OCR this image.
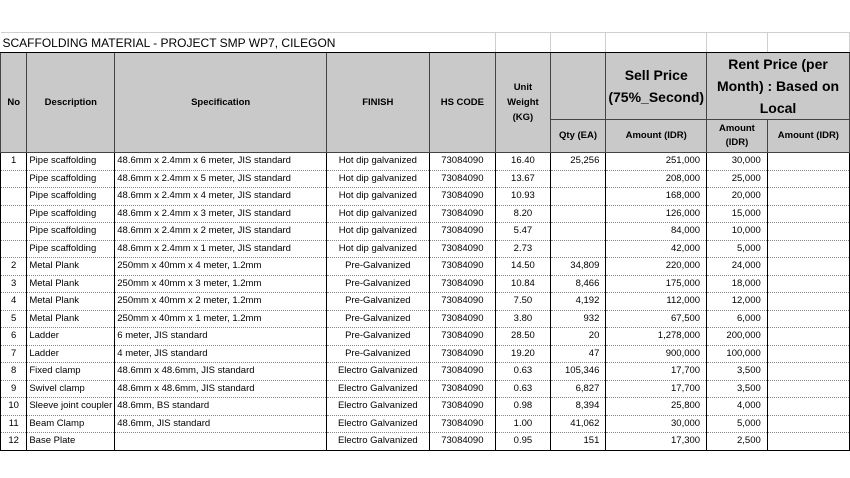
SCAFFOLDING MATERIAL - PROJECT SMP WP7, CILEGON									
No	Description	Specification	FINISH	HS CODE	Unit Weight (KG)		Sell Price (75%_Second)	Rent Price (per Month) : Based on Local	
						Qty (EA)	Amount (IDR)	Amount (IDR)	Amount (IDR)
1	Pipe scaffolding	48.6mm x 2.4mm x 6 meter, JIS standard	Hot dip galvanized	73084090	16.40	25,256	251,000	30,000	
	Pipe scaffolding	48.6mm x 2.4mm x 5 meter, JIS standard	Hot dip galvanized	73084090	13.67		208,000	25,000	
	Pipe scaffolding	48.6mm x 2.4mm x 4 meter, JIS standard	Hot dip galvanized	73084090	10.93		168,000	20,000	
	Pipe scaffolding	48.6mm x 2.4mm x 3 meter, JIS standard	Hot dip galvanized	73084090	8.20		126,000	15,000	
	Pipe scaffolding	48.6mm x 2.4mm x 2 meter, JIS standard	Hot dip galvanized	73084090	5.47		84,000	10,000	
	Pipe scaffolding	48.6mm x 2.4mm x 1 meter, JIS standard	Hot dip galvanized	73084090	2.73		42,000	5,000	
2	Metal Plank	250mm x 40mm x 4 meter, 1.2mm	Pre-Galvanized	73084090	14.50	34,809	220,000	24,000	
3	Metal Plank	250mm x 40mm x 3 meter, 1.2mm	Pre-Galvanized	73084090	10.84	8,466	175,000	18,000	
4	Metal Plank	250mm x 40mm x 2 meter, 1.2mm	Pre-Galvanized	73084090	7.50	4,192	112,000	12,000	
5	Metal Plank	250mm x 40mm x 1 meter, 1.2mm	Pre-Galvanized	73084090	3.80	932	67,500	6,000	
6	Ladder	6 meter, JIS standard	Pre-Galvanized	73084090	28.50	20	1,278,000	200,000	
7	Ladder	4 meter, JIS standard	Pre-Galvanized	73084090	19.20	47	900,000	100,000	
8	Fixed clamp	48.6mm x 48.6mm, JIS standard	Electro Galvanized	73084090	0.63	105,346	17,700	3,500	
9	Swivel clamp	48.6mm x 48.6mm, JIS standard	Electro Galvanized	73084090	0.63	6,827	17,700	3,500	
10	Sleeve joint coupler	48.6mm, BS standard	Electro Galvanized	73084090	0.98	8,394	25,800	4,000	
11	Beam Clamp	48.6mm, JIS standard	Electro Galvanized	73084090	1.00	41,062	30,000	5,000	
12	Base Plate		Electro Galvanized	73084090	0.95	151	17,300	2,500	
